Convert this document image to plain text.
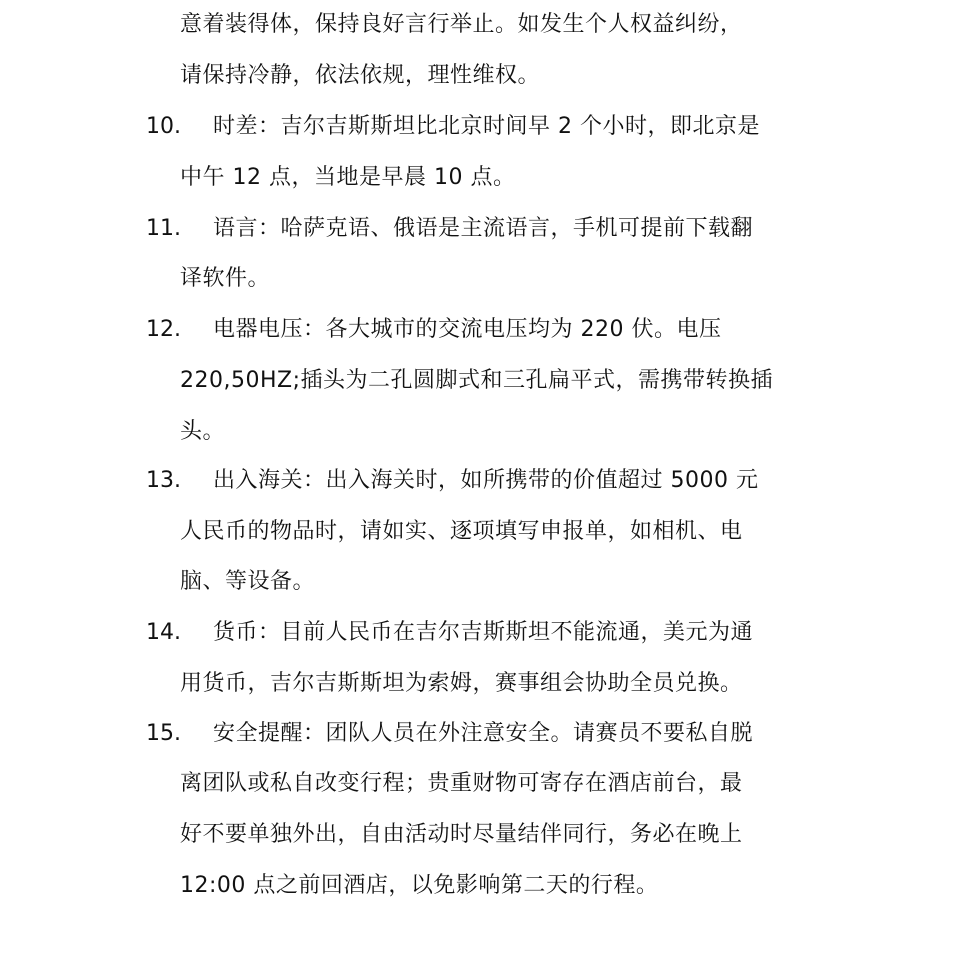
意着装得体，保持良好言行举止。如发生个人权益纠纷，
请保持冷静，依法依规，理性维权。
10. 时差：吉尔吉斯斯坦比北京时间早 2 个小时，即北京是
中午 12 点，当地是早晨 10 点。
11. 语言：哈萨克语、俄语是主流语言，手机可提前下载翻
译软件。
12. 电器电压：各大城市的交流电压均为 220 伏。电压
220,50HZ;插头为二孔圆脚式和三孔扁平式，需携带转换插
头。
13. 出入海关：出入海关时，如所携带的价值超过 5000 元
人民币的物品时，请如实、逐项填写申报单，如相机、电
脑、等设备。
14. 货币：目前人民币在吉尔吉斯斯坦不能流通，美元为通
用货币，吉尔吉斯斯坦为索姆，赛事组会协助全员兑换。
15. 安全提醒：团队人员在外注意安全。请赛员不要私自脱
离团队或私自改变行程；贵重财物可寄存在酒店前台，最
好不要单独外出，自由活动时尽量结伴同行，务必在晚上
12:00 点之前回酒店，以免影响第二天的行程。
